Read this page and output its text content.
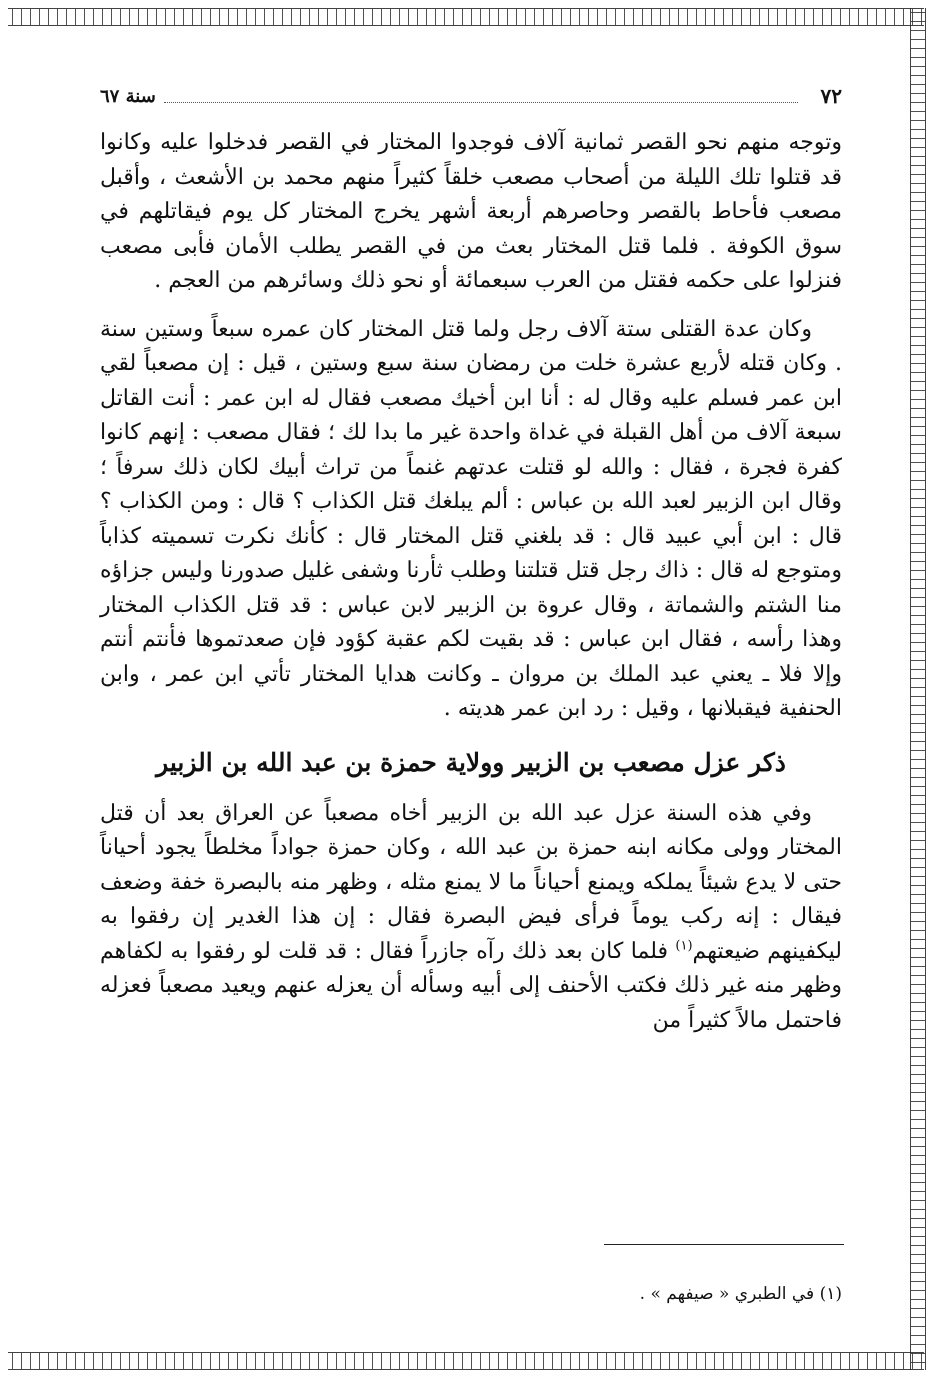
٧٢
سنة ٦٧

وتوجه منهم نحو القصر ثمانية آلاف فوجدوا المختار في القصر فدخلوا عليه وكانوا قد قتلوا تلك الليلة من أصحاب مصعب خلقاً كثيراً منهم محمد بن الأشعث ، وأقبل مصعب فأحاط بالقصر وحاصرهم أربعة أشهر يخرج المختار كل يوم فيقاتلهم في سوق الكوفة . فلما قتل المختار بعث من في القصر يطلب الأمان فأبى مصعب فنزلوا على حكمه فقتل من العرب سبعمائة أو نحو ذلك وسائرهم من العجم .

وكان عدة القتلى ستة آلاف رجل ولما قتل المختار كان عمره سبعاً وستين سنة . وكان قتله لأربع عشرة خلت من رمضان سنة سبع وستين ، قيل : إن مصعباً لقي ابن عمر فسلم عليه وقال له : أنا ابن أخيك مصعب فقال له ابن عمر : أنت القاتل سبعة آلاف من أهل القبلة في غداة واحدة غير ما بدا لك ؛ فقال مصعب : إنهم كانوا كفرة فجرة ، فقال : والله لو قتلت عدتهم غنماً من تراث أبيك لكان ذلك سرفاً ؛ وقال ابن الزبير لعبد الله بن عباس : ألم يبلغك قتل الكذاب ؟ قال : ومن الكذاب ؟ قال : ابن أبي عبيد قال : قد بلغني قتل المختار قال : كأنك نكرت تسميته كذاباً ومتوجع له قال : ذاك رجل قتل قتلتنا وطلب ثأرنا وشفى غليل صدورنا وليس جزاؤه منا الشتم والشماتة ، وقال عروة بن الزبير لابن عباس : قد قتل الكذاب المختار وهذا رأسه ، فقال ابن عباس : قد بقيت لكم عقبة كؤود فإن صعدتموها فأنتم أنتم وإلا فلا ـ يعني عبد الملك بن مروان ـ وكانت هدايا المختار تأتي ابن عمر ، وابن الحنفية فيقبلانها ، وقيل : رد ابن عمر هديته .

ذكر عزل مصعب بن الزبير وولاية حمزة بن عبد الله بن الزبير

وفي هذه السنة عزل عبد الله بن الزبير أخاه مصعباً عن العراق بعد أن قتل المختار وولى مكانه ابنه حمزة بن عبد الله ، وكان حمزة جواداً مخلطاً يجود أحياناً حتى لا يدع شيئاً يملكه ويمنع أحياناً ما لا يمنع مثله ، وظهر منه بالبصرة خفة وضعف فيقال : إنه ركب يوماً فرأى فيض البصرة فقال : إن هذا الغدير إن رفقوا به ليكفينهم ضيعتهم$^{(١)}$ فلما كان بعد ذلك رآه جازراً فقال : قد قلت لو رفقوا به لكفاهم وظهر منه غير ذلك فكتب الأحنف إلى أبيه وسأله أن يعزله عنهم ويعيد مصعباً فعزله فاحتمل مالاً كثيراً من

(١) في الطبري « صيفهم » .
